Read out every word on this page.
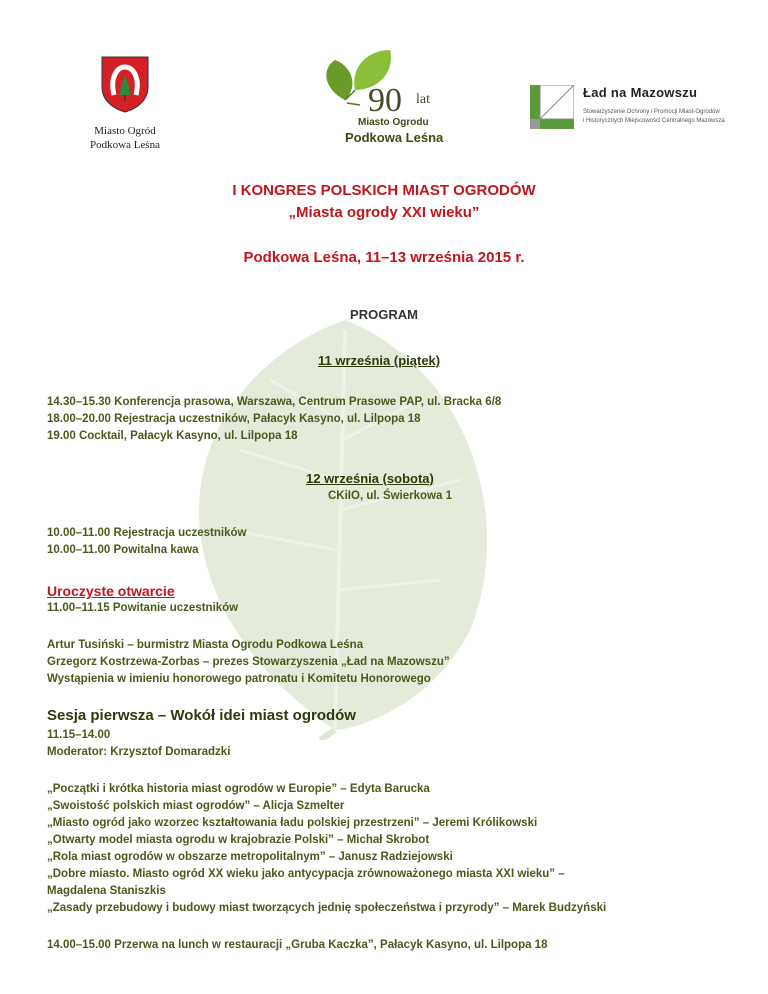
Miasto Ogród
Podkowa Leśna
90 lat
Miasto Ogrodu
Podkowa Leśna
Ład na Mazowszu
Stowarzyszenie Ochrony i Promocji Miast-Ogrodów
i Historycznych Miejscowości Centralnego Mazowsza
I KONGRES POLSKICH MIAST OGRODÓW
„Miasta ogrody XXI wieku”
Podkowa Leśna, 11–13 września 2015 r.
PROGRAM
11 września (piątek)
14.30–15.30 Konferencja prasowa, Warszawa, Centrum Prasowe PAP, ul. Bracka 6/8
18.00–20.00 Rejestracja uczestników, Pałacyk Kasyno, ul. Lilpopa 18
19.00 Cocktail, Pałacyk Kasyno, ul. Lilpopa 18
12 września (sobota)
CKiIO, ul. Świerkowa 1
10.00–11.00 Rejestracja uczestników
10.00–11.00 Powitalna kawa
Uroczyste otwarcie
11.00–11.15 Powitanie uczestników
Artur Tusiński – burmistrz Miasta Ogrodu Podkowa Leśna
Grzegorz Kostrzewa-Zorbas – prezes Stowarzyszenia „Ład na Mazowszu”
Wystąpienia w imieniu honorowego patronatu i Komitetu Honorowego
Sesja pierwsza – Wokół idei miast ogrodów
11.15–14.00
Moderator: Krzysztof Domaradzki
„Początki i krótka historia miast ogrodów w Europie” – Edyta Barucka
„Swoistość polskich miast ogrodów” – Alicja Szmelter
„Miasto ogród jako wzorzec kształtowania ładu polskiej przestrzeni” – Jeremi Królikowski
„Otwarty model miasta ogrodu w krajobrazie Polski” – Michał Skrobot
„Rola miast ogrodów w obszarze metropolitalnym” – Janusz Radziejowski
„Dobre miasto. Miasto ogród XX wieku jako antycypacja zrównoważonego miasta XXI wieku” –
Magdalena Staniszkis
„Zasady przebudowy i budowy miast tworzących jednię społeczeństwa i przyrody” – Marek Budzyński
14.00–15.00 Przerwa na lunch w restauracji „Gruba Kaczka”, Pałacyk Kasyno, ul. Lilpopa 18
